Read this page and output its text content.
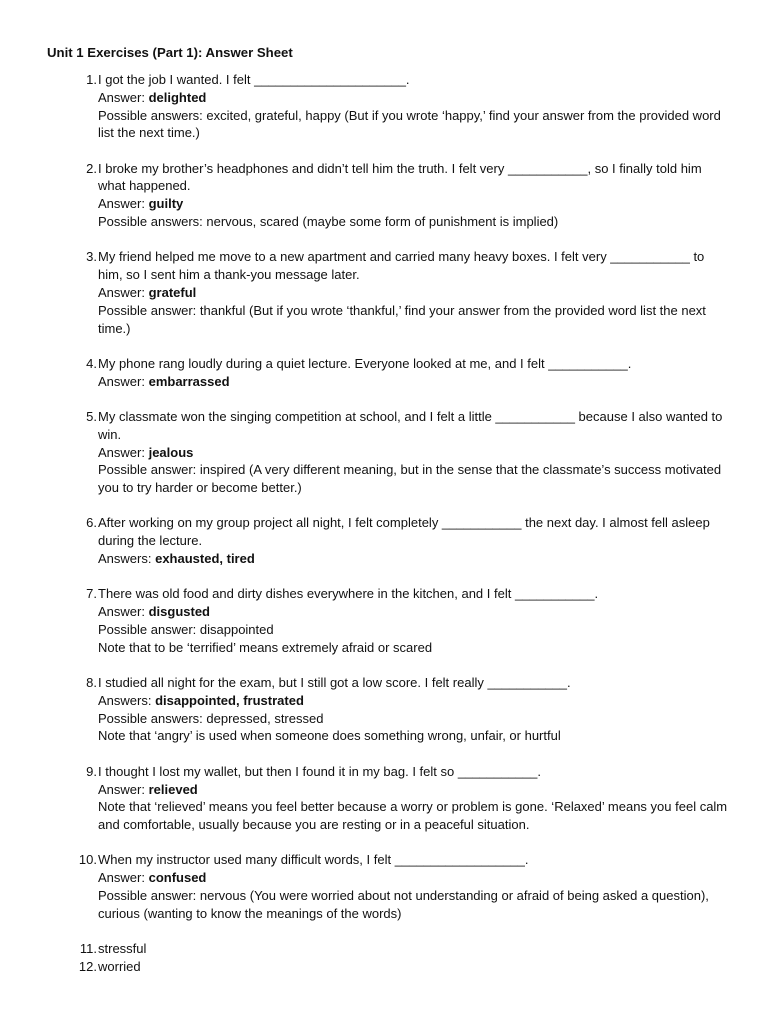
Unit 1 Exercises (Part 1): Answer Sheet
1. I got the job I wanted. I felt _____________________.
Answer: delighted
Possible answers: excited, grateful, happy (But if you wrote ‘happy,’ find your answer from the provided word list the next time.)
2. I broke my brother’s headphones and didn’t tell him the truth. I felt very ___________, so I finally told him what happened.
Answer: guilty
Possible answers: nervous, scared (maybe some form of punishment is implied)
3. My friend helped me move to a new apartment and carried many heavy boxes. I felt very ___________ to him, so I sent him a thank-you message later.
Answer: grateful
Possible answer: thankful (But if you wrote ‘thankful,’ find your answer from the provided word list the next time.)
4. My phone rang loudly during a quiet lecture. Everyone looked at me, and I felt ___________.
Answer: embarrassed
5. My classmate won the singing competition at school, and I felt a little ___________ because I also wanted to win.
Answer: jealous
Possible answer: inspired (A very different meaning, but in the sense that the classmate’s success motivated you to try harder or become better.)
6. After working on my group project all night, I felt completely ___________ the next day. I almost fell asleep during the lecture.
Answers: exhausted, tired
7. There was old food and dirty dishes everywhere in the kitchen, and I felt ___________.
Answer: disgusted
Possible answer: disappointed
Note that to be ‘terrified’ means extremely afraid or scared
8. I studied all night for the exam, but I still got a low score. I felt really ___________.
Answers: disappointed, frustrated
Possible answers: depressed, stressed
Note that ‘angry’ is used when someone does something wrong, unfair, or hurtful
9. I thought I lost my wallet, but then I found it in my bag. I felt so ___________.
Answer: relieved
Note that ‘relieved’ means you feel better because a worry or problem is gone. ‘Relaxed’ means you feel calm and comfortable, usually because you are resting or in a peaceful situation.
10. When my instructor used many difficult words, I felt __________________.
Answer: confused
Possible answer: nervous (You were worried about not understanding or afraid of being asked a question), curious (wanting to know the meanings of the words)
11. stressful
12. worried
